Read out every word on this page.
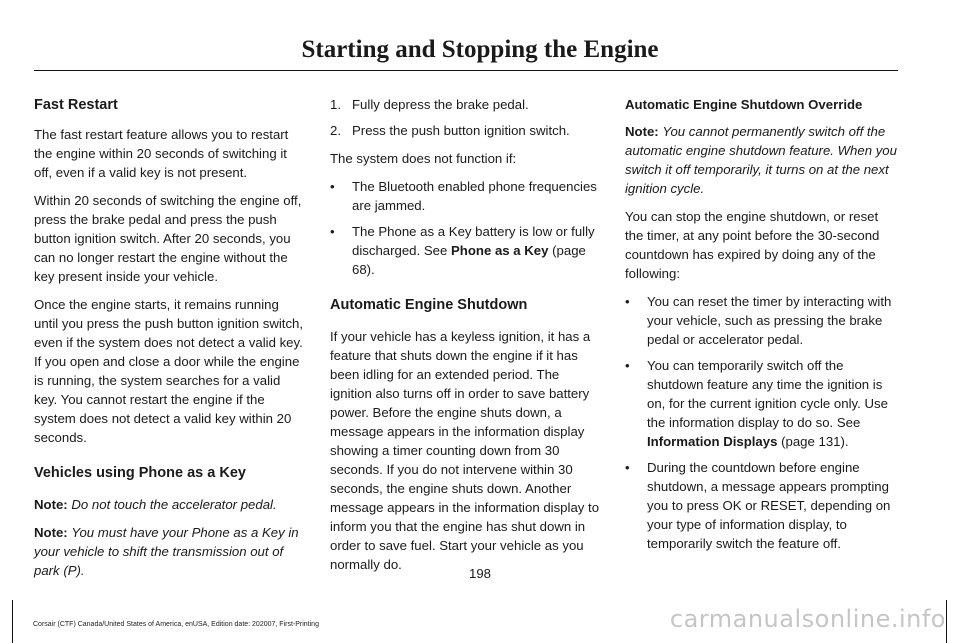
Starting and Stopping the Engine
Fast Restart

The fast restart feature allows you to restart the engine within 20 seconds of switching it off, even if a valid key is not present.

Within 20 seconds of switching the engine off, press the brake pedal and press the push button ignition switch. After 20 seconds, you can no longer restart the engine without the key present inside your vehicle.

Once the engine starts, it remains running until you press the push button ignition switch, even if the system does not detect a valid key. If you open and close a door while the engine is running, the system searches for a valid key. You cannot restart the engine if the system does not detect a valid key within 20 seconds.

Vehicles using Phone as a Key

Note: Do not touch the accelerator pedal.

Note: You must have your Phone as a Key in your vehicle to shift the transmission out of park (P).

1. Fully depress the brake pedal.
2. Press the push button ignition switch.

The system does not function if:

• The Bluetooth enabled phone frequencies are jammed.
• The Phone as a Key battery is low or fully discharged. See Phone as a Key (page 68).
Automatic Engine Shutdown

If your vehicle has a keyless ignition, it has a feature that shuts down the engine if it has been idling for an extended period. The ignition also turns off in order to save battery power. Before the engine shuts down, a message appears in the information display showing a timer counting down from 30 seconds. If you do not intervene within 30 seconds, the engine shuts down. Another message appears in the information display to inform you that the engine has shut down in order to save fuel. Start your vehicle as you normally do.

Automatic Engine Shutdown Override

Note: You cannot permanently switch off the automatic engine shutdown feature. When you switch it off temporarily, it turns on at the next ignition cycle.

You can stop the engine shutdown, or reset the timer, at any point before the 30-second countdown has expired by doing any of the following:

• You can reset the timer by interacting with your vehicle, such as pressing the brake pedal or accelerator pedal.
• You can temporarily switch off the shutdown feature any time the ignition is on, for the current ignition cycle only. Use the information display to do so. See Information Displays (page 131).
• During the countdown before engine shutdown, a message appears prompting you to press OK or RESET, depending on your type of information display, to temporarily switch the feature off.
198
Corsair (CTF) Canada/United States of America, enUSA, Edition date: 202007, First-Printing	carmanualsonline.info
